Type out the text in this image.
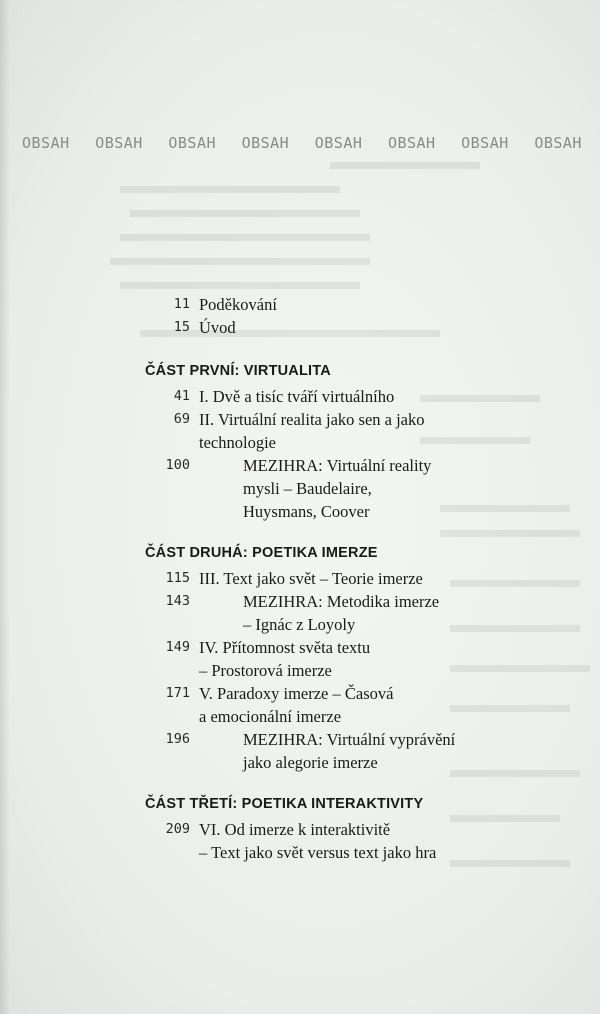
OBSAH OBSAH OBSAH OBSAH OBSAH OBSAH OBSAH OBSAH
11 Poděkování
15 Úvod
ČÁST PRVNÍ: VIRTUALITA
41 I. Dvě a tisíc tváří virtuálního
69 II. Virtuální realita jako sen a jako
technologie
100	MEZIHRA: Virtuální reality
mysli – Baudelaire,
Huysmans, Coover
ČÁST DRUHÁ: POETIKA IMERZE
115 III. Text jako svět – Teorie imerze
143	MEZIHRA: Metodika imerze
– Ignác z Loyoly
149 IV. Přítomnost světa textu
– Prostorová imerze
171 V. Paradoxy imerze – Časová
a emocionální imerze
196	MEZIHRA: Virtuální vyprávění
jako alegorie imerze
ČÁST TŘETÍ: POETIKA INTERAKTIVITY
209 VI. Od imerze k interaktivitě
– Text jako svět versus text jako hra
